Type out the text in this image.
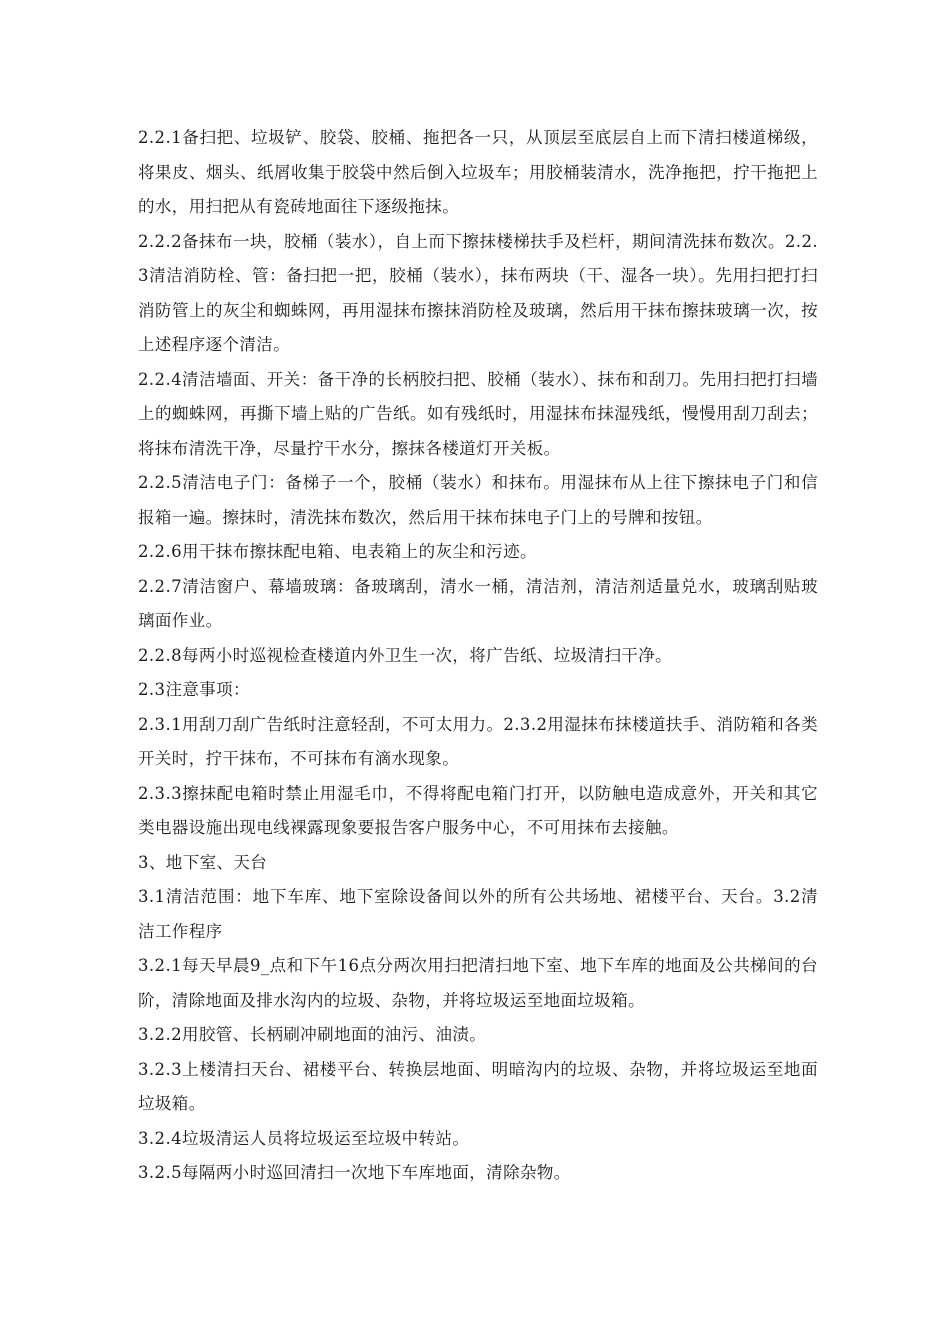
2.2.1备扫把、垃圾铲、胶袋、胶桶、拖把各一只，从顶层至底层自上而下清扫楼道梯级，将果皮、烟头、纸屑收集于胶袋中然后倒入垃圾车；用胶桶装清水，洗净拖把，拧干拖把上的水，用扫把从有瓷砖地面往下逐级拖抹。

2.2.2备抹布一块，胶桶（装水），自上而下擦抹楼梯扶手及栏杆，期间清洗抹布数次。2.2.3清洁消防栓、管：备扫把一把，胶桶（装水），抹布两块（干、湿各一块）。先用扫把打扫消防管上的灰尘和蜘蛛网，再用湿抹布擦抹消防栓及玻璃，然后用干抹布擦抹玻璃一次，按上述程序逐个清洁。

2.2.4清洁墙面、开关：备干净的长柄胶扫把、胶桶（装水）、抹布和刮刀。先用扫把打扫墙上的蜘蛛网，再撕下墙上贴的广告纸。如有残纸时，用湿抹布抹湿残纸，慢慢用刮刀刮去；将抹布清洗干净，尽量拧干水分，擦抹各楼道灯开关板。

2.2.5清洁电子门：备梯子一个，胶桶（装水）和抹布。用湿抹布从上往下擦抹电子门和信报箱一遍。擦抹时，清洗抹布数次，然后用干抹布抹电子门上的号牌和按钮。

2.2.6用干抹布擦抹配电箱、电表箱上的灰尘和污迹。

2.2.7清洁窗户、幕墙玻璃：备玻璃刮，清水一桶，清洁剂，清洁剂适量兑水，玻璃刮贴玻璃面作业。

2.2.8每两小时巡视检查楼道内外卫生一次，将广告纸、垃圾清扫干净。

2.3注意事项：

2.3.1用刮刀刮广告纸时注意轻刮，不可太用力。2.3.2用湿抹布抹楼道扶手、消防箱和各类开关时，拧干抹布，不可抹布有滴水现象。

2.3.3擦抹配电箱时禁止用湿毛巾，不得将配电箱门打开，以防触电造成意外，开关和其它类电器设施出现电线裸露现象要报告客户服务中心，不可用抹布去接触。

3、地下室、天台

3.1清洁范围：地下车库、地下室除设备间以外的所有公共场地、裙楼平台、天台。3.2清洁工作程序

3.2.1每天早晨9_点和下午16点分两次用扫把清扫地下室、地下车库的地面及公共梯间的台阶，清除地面及排水沟内的垃圾、杂物，并将垃圾运至地面垃圾箱。

3.2.2用胶管、长柄刷冲刷地面的油污、油渍。

3.2.3上楼清扫天台、裙楼平台、转换层地面、明暗沟内的垃圾、杂物，并将垃圾运至地面垃圾箱。

3.2.4垃圾清运人员将垃圾运至垃圾中转站。

3.2.5每隔两小时巡回清扫一次地下车库地面，清除杂物。
